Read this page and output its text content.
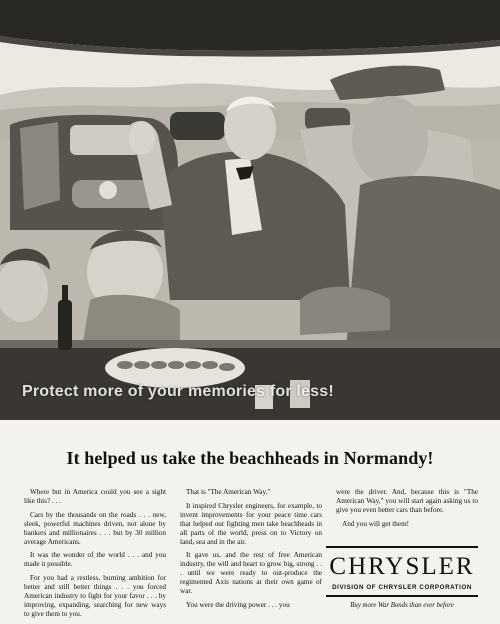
Protect more of your memories for less!
It helped us take the beachheads in Normandy!

Where but in America could you see a sight like this? . . .

Cars by the thousands on the roads . . . new, sleek, powerful machines driven, not alone by bankers and millionaires . . . but by 30 million average Americans.

It was the wonder of the world . . . and you made it possible.

For you had a restless, burning ambition for better and still better things . . . you forced American industry to fight for your favor . . . by improving, expanding, searching for new ways to give them to you.

That is "The American Way."

It inspired Chrysler engineers, for example, to invent improvements for your peace time cars that helped our fighting men take beachheads in all parts of the world, press on to Victory on land, sea and in the air.

It gave us, and the rest of free American industry, the will and heart to grow big, strong . . . until we were ready to out-produce the regimented Axis nations at their own game of war.

You were the driving power . . . you

were the driver. And, because this is "The American Way," you will start again asking us to give you even better cars than before.

And you will get them!

CHRYSLER
DIVISION OF CHRYSLER CORPORATION
Buy more War Bonds than ever before
